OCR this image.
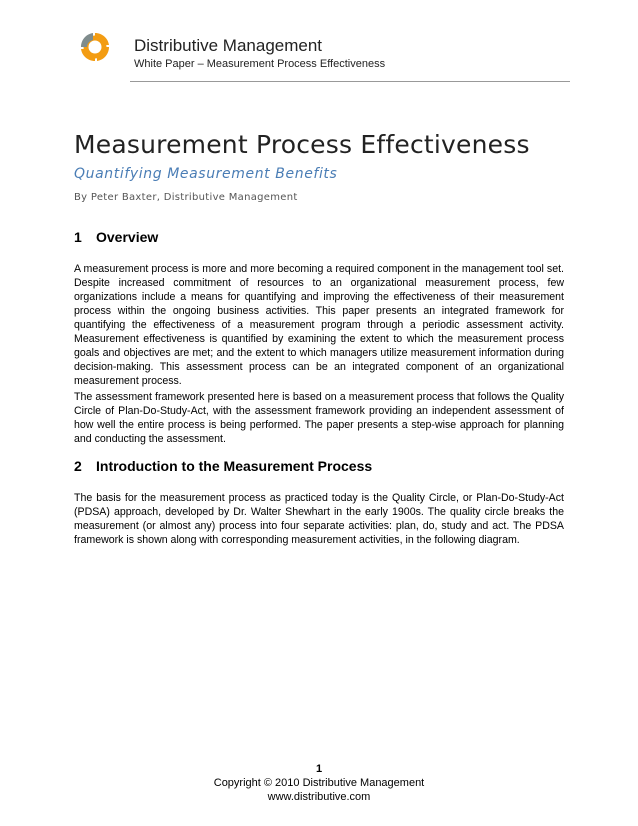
Distributive Management
White Paper – Measurement Process Effectiveness
Measurement Process Effectiveness
Quantifying Measurement Benefits
By Peter Baxter, Distributive Management
1 Overview

A measurement process is more and more becoming a required component in the management tool set. Despite increased commitment of resources to an organizational measurement process, few organizations include a means for quantifying and improving the effectiveness of their measurement process within the ongoing business activities. This paper presents an integrated framework for quantifying the effectiveness of a measurement program through a periodic assessment activity. Measurement effectiveness is quantified by examining the extent to which the measurement process goals and objectives are met; and the extent to which managers utilize measurement information during decision-making. This assessment process can be an integrated component of an organizational measurement process.

The assessment framework presented here is based on a measurement process that follows the Quality Circle of Plan-Do-Study-Act, with the assessment framework providing an independent assessment of how well the entire process is being performed. The paper presents a step-wise approach for planning and conducting the assessment.

2 Introduction to the Measurement Process

The basis for the measurement process as practiced today is the Quality Circle, or Plan-Do-Study-Act (PDSA) approach, developed by Dr. Walter Shewhart in the early 1900s. The quality circle breaks the measurement (or almost any) process into four separate activities: plan, do, study and act. The PDSA framework is shown along with corresponding measurement activities, in the following diagram.

1
Copyright © 2010 Distributive Management
www.distributive.com
